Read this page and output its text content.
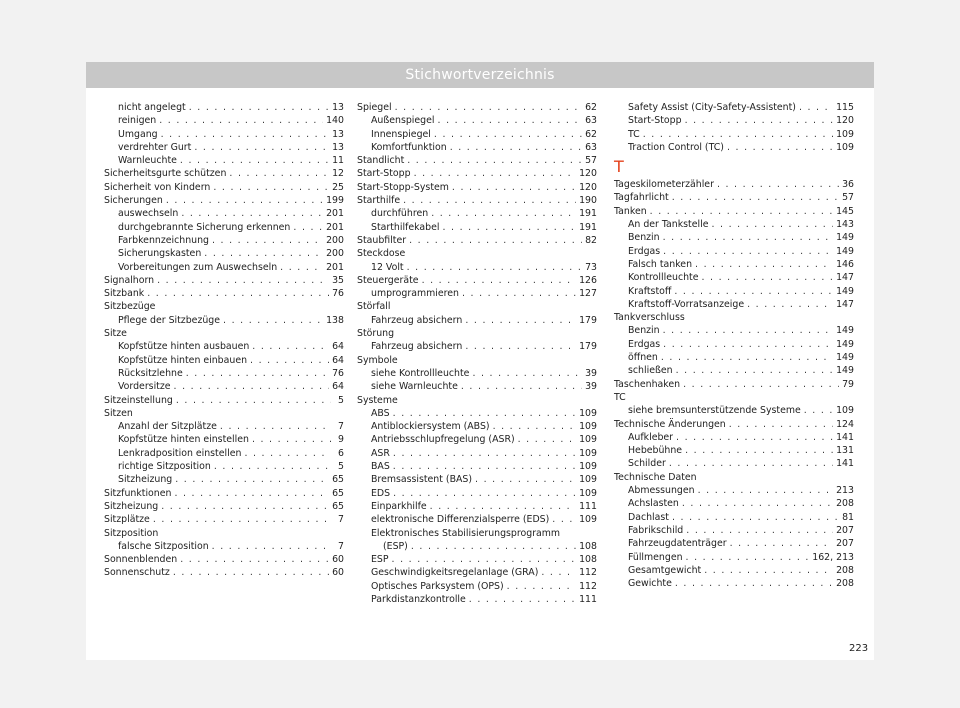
Stichwortverzeichnis
nicht angelegt . . .	13
reinigen . . .	140
Umgang . . .	13
verdrehter Gurt . . .	13
Warnleuchte . . .	11
Sicherheitsgurte schützen . . .	12
Sicherheit von Kindern . . .	25
Sicherungen . . .	199
auswechseln . . .	201
durchgebrannte Sicherung erkennen . . .	201
Farbkennzeichnung . . .	200
Sicherungskasten . . .	200
Vorbereitungen zum Auswechseln . . .	201
Signalhorn . . .	35
Sitzbank . . .	76
Sitzbezüge
Pflege der Sitzbezüge . . .	138
Sitze
Kopfstütze hinten ausbauen . . .	64
Kopfstütze hinten einbauen . . .	64
Rücksitzlehne . . .	76
Vordersitze . . .	64
Sitzeinstellung . . .	5
Sitzen
Anzahl der Sitzplätze . . .	7
Kopfstütze hinten einstellen . . .	9
Lenkradposition einstellen . . .	6
richtige Sitzposition . . .	5
Sitzheizung . . .	65
Sitzfunktionen . . .	65
Sitzheizung . . .	65
Sitzplätze . . .	7
Sitzposition
falsche Sitzposition . . .	7
Sonnenblenden . . .	60
Sonnenschutz . . .	60
Spiegel . . .	62
Außenspiegel . . .	63
Innenspiegel . . .	62
Komfortfunktion . . .	63
Standlicht . . .	57
Start-Stopp . . .	120
Start-Stopp-System . . .	120
Starthilfe . . .	190
durchführen . . .	191
Starthilfekabel . . .	191
Staubfilter . . .	82
Steckdose
12 Volt . . .	73
Steuergeräte . . .	126
umprogrammieren . . .	127
Störfall
Fahrzeug absichern . . .	179
Störung
Fahrzeug absichern . . .	179
Symbole
siehe Kontrollleuchte . . .	39
siehe Warnleuchte . . .	39
Systeme
ABS . . .	109
Antiblockiersystem (ABS) . . .	109
Antriebsschlupfregelung (ASR) . . .	109
ASR . . .	109
BAS . . .	109
Bremsassistent (BAS) . . .	109
EDS . . .	109
Einparkhilfe . . .	111
elektronische Differenzialsperre (EDS) . . .	109
Elektronisches Stabilisierungsprogramm
(ESP) . . .	108
ESP . . .	108
Geschwindigkeitsregelanlage (GRA) . . .	112
Optisches Parksystem (OPS) . . .	112
Parkdistanzkontrolle . . .	111
Safety Assist (City-Safety-Assistent) . . .	115
Start-Stopp . . .	120
TC . . .	109
Traction Control (TC) . . .	109
T
Tageskilometerzähler . . .	36
Tagfahrlicht . . .	57
Tanken . . .	145
An der Tankstelle . . .	143
Benzin . . .	149
Erdgas . . .	149
Falsch tanken . . .	146
Kontrollleuchte . . .	147
Kraftstoff . . .	149
Kraftstoff-Vorratsanzeige . . .	147
Tankverschluss
Benzin . . .	149
Erdgas . . .	149
öffnen . . .	149
schließen . . .	149
Taschenhaken . . .	79
TC
siehe bremsunterstützende Systeme . . .	109
Technische Änderungen . . .	124
Aufkleber . . .	141
Hebebühne . . .	131
Schilder . . .	141
Technische Daten
Abmessungen . . .	213
Achslasten . . .	208
Dachlast . . .	81
Fabrikschild . . .	207
Fahrzeugdatenträger . . .	207
Füllmengen . . .	162, 213
Gesamtgewicht . . .	208
Gewichte . . .	208
223
